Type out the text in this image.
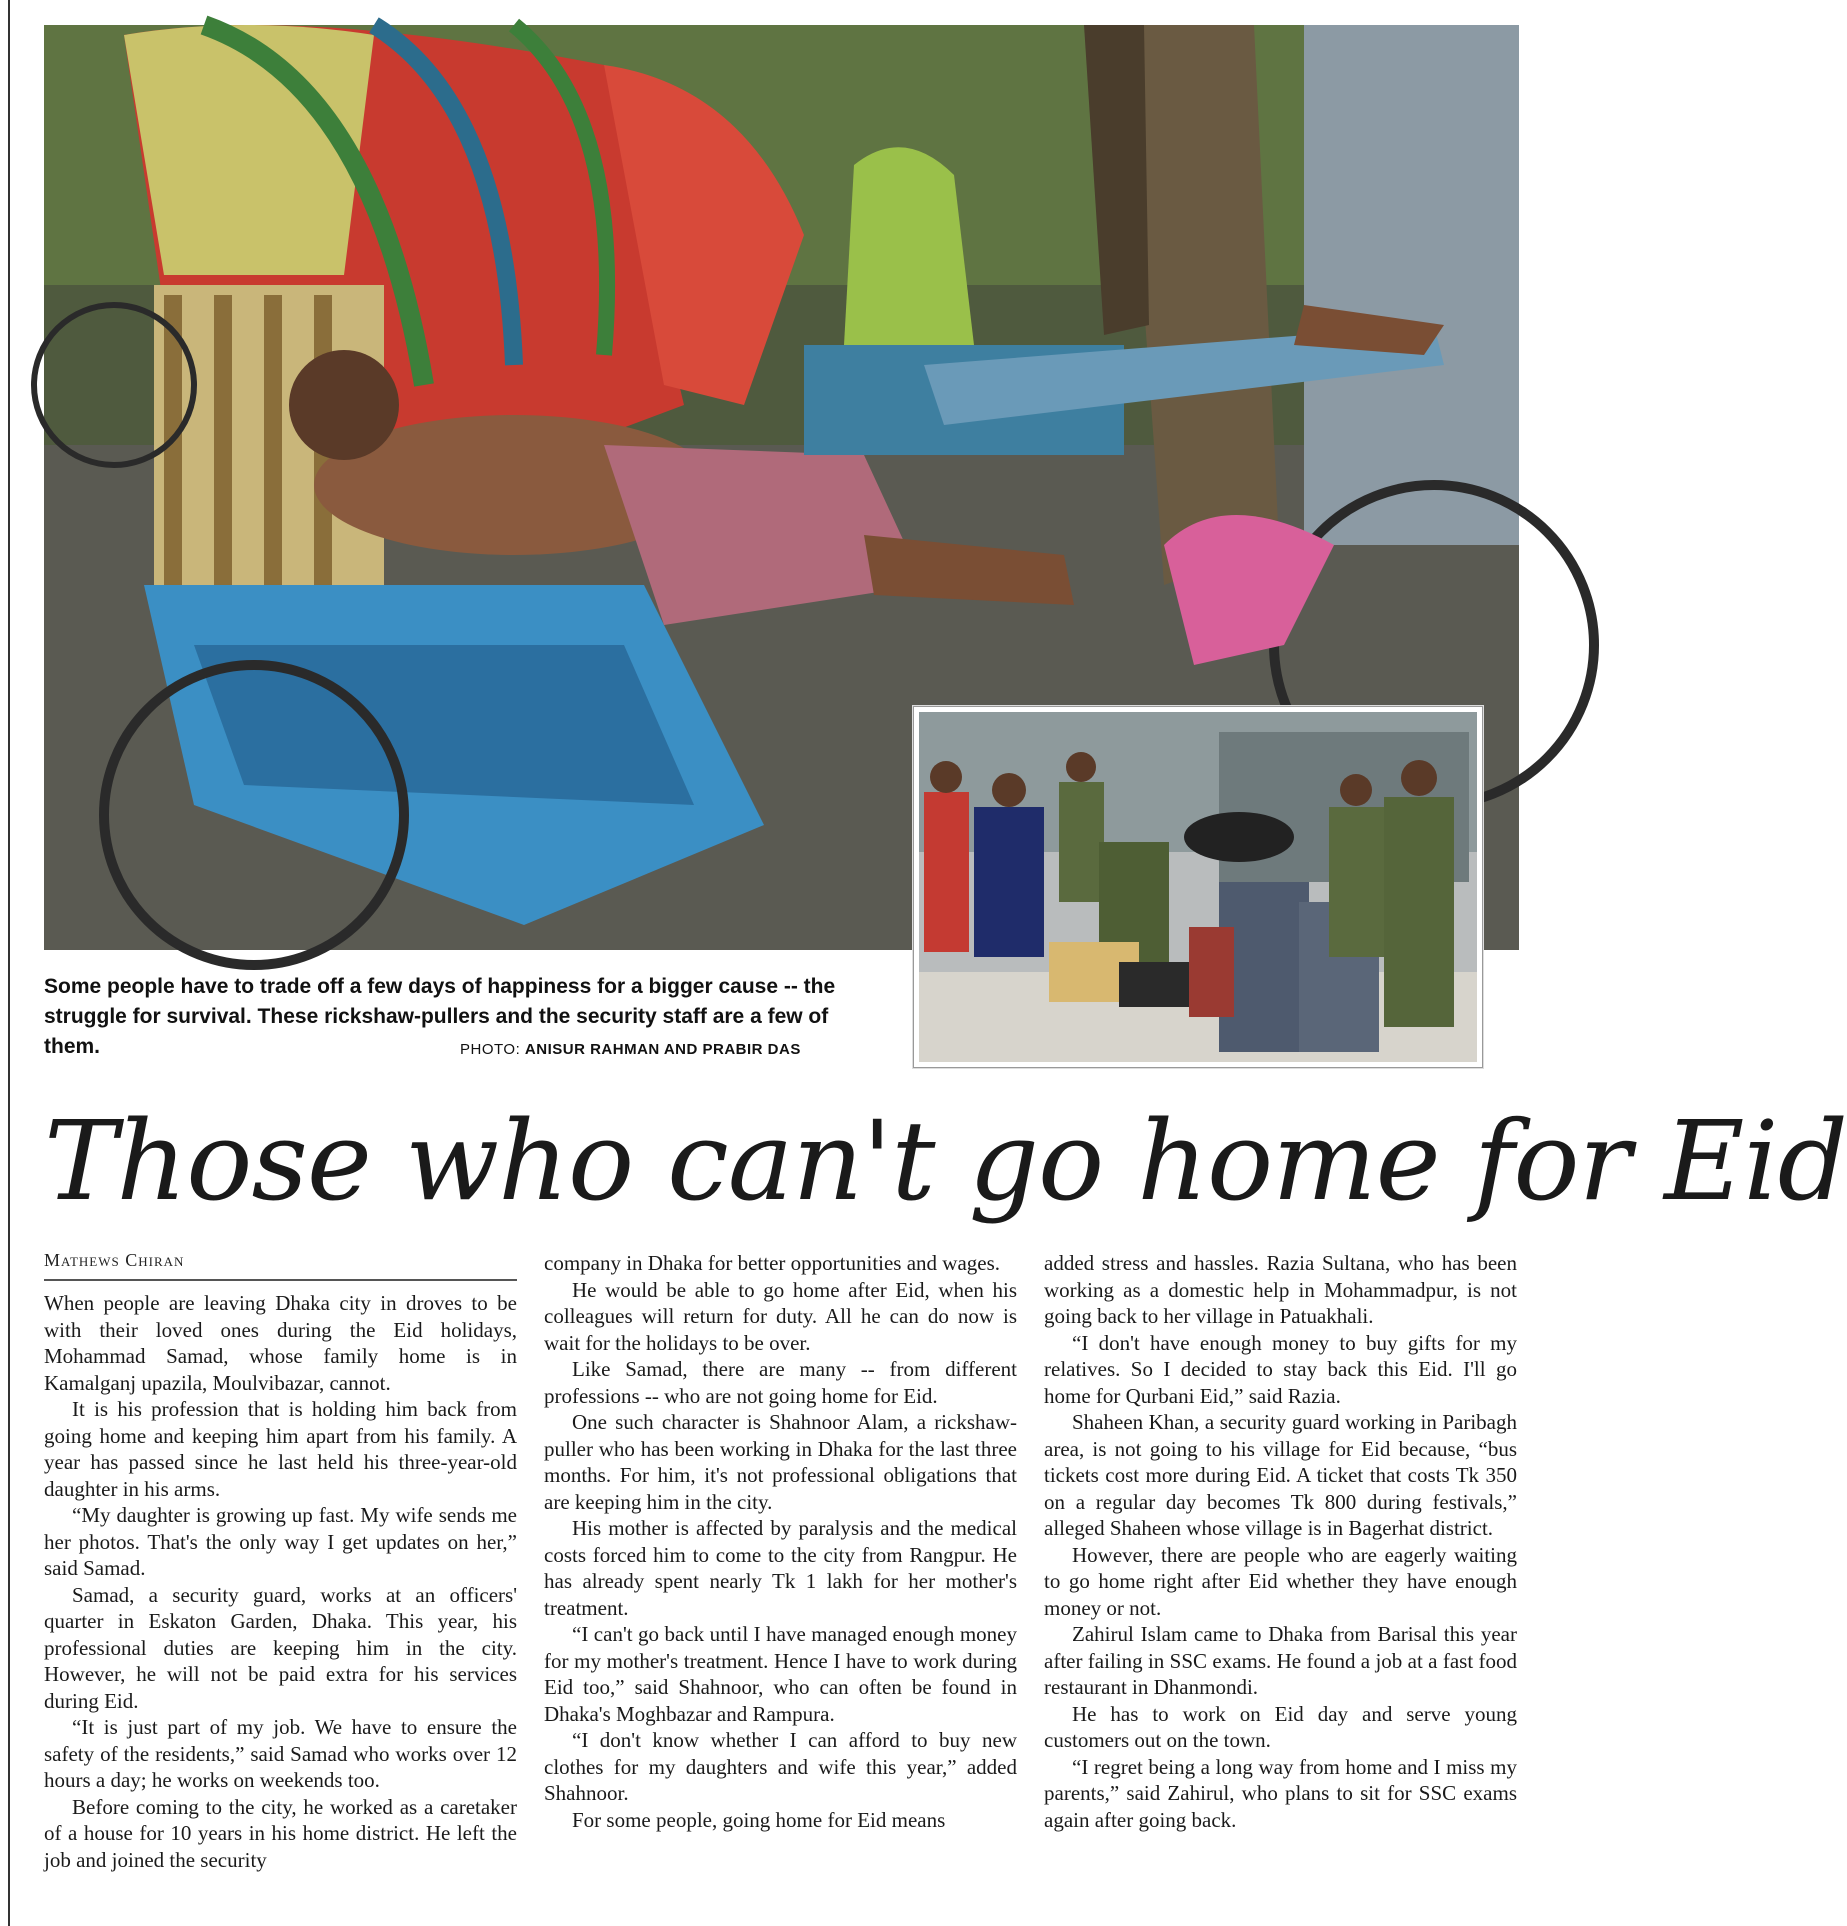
Some people have to trade off a few days of happiness for a bigger cause -- the struggle for survival. These rickshaw-pullers and the security staff are a few of them.	PHOTO: ANISUR RAHMAN AND PRABIR DAS
Those who can't go home for Eid
Mathews Chiran

When people are leaving Dhaka city in droves to be with their loved ones during the Eid holidays, Mohammad Samad, whose family home is in Kamalganj upazila, Moulvibazar, cannot.

It is his profession that is holding him back from going home and keeping him apart from his family. A year has passed since he last held his three-year-old daughter in his arms.

“My daughter is growing up fast. My wife sends me her photos. That's the only way I get updates on her,” said Samad.

Samad, a security guard, works at an officers' quarter in Eskaton Garden, Dhaka. This year, his professional duties are keeping him in the city. However, he will not be paid extra for his services during Eid.

“It is just part of my job. We have to ensure the safety of the residents,” said Samad who works over 12 hours a day; he works on weekends too.

Before coming to the city, he worked as a caretaker of a house for 10 years in his home district. He left the job and joined the security

company in Dhaka for better opportunities and wages.

He would be able to go home after Eid, when his colleagues will return for duty. All he can do now is wait for the holidays to be over.

Like Samad, there are many -- from different professions -- who are not going home for Eid.

One such character is Shahnoor Alam, a rickshaw-puller who has been working in Dhaka for the last three months. For him, it's not professional obligations that are keeping him in the city.

His mother is affected by paralysis and the medical costs forced him to come to the city from Rangpur. He has already spent nearly Tk 1 lakh for her mother's treatment.

“I can't go back until I have managed enough money for my mother's treatment. Hence I have to work during Eid too,” said Shahnoor, who can often be found in Dhaka's Moghbazar and Rampura.

“I don't know whether I can afford to buy new clothes for my daughters and wife this year,” added Shahnoor.

For some people, going home for Eid means

added stress and hassles. Razia Sultana, who has been working as a domestic help in Mohammadpur, is not going back to her village in Patuakhali.

“I don't have enough money to buy gifts for my relatives. So I decided to stay back this Eid. I'll go home for Qurbani Eid,” said Razia.

Shaheen Khan, a security guard working in Paribagh area, is not going to his village for Eid because, “bus tickets cost more during Eid. A ticket that costs Tk 350 on a regular day becomes Tk 800 during festivals,” alleged Shaheen whose village is in Bagerhat district.

However, there are people who are eagerly waiting to go home right after Eid whether they have enough money or not.

Zahirul Islam came to Dhaka from Barisal this year after failing in SSC exams. He found a job at a fast food restaurant in Dhanmondi.

He has to work on Eid day and serve young customers out on the town.

“I regret being a long way from home and I miss my parents,” said Zahirul, who plans to sit for SSC exams again after going back.
